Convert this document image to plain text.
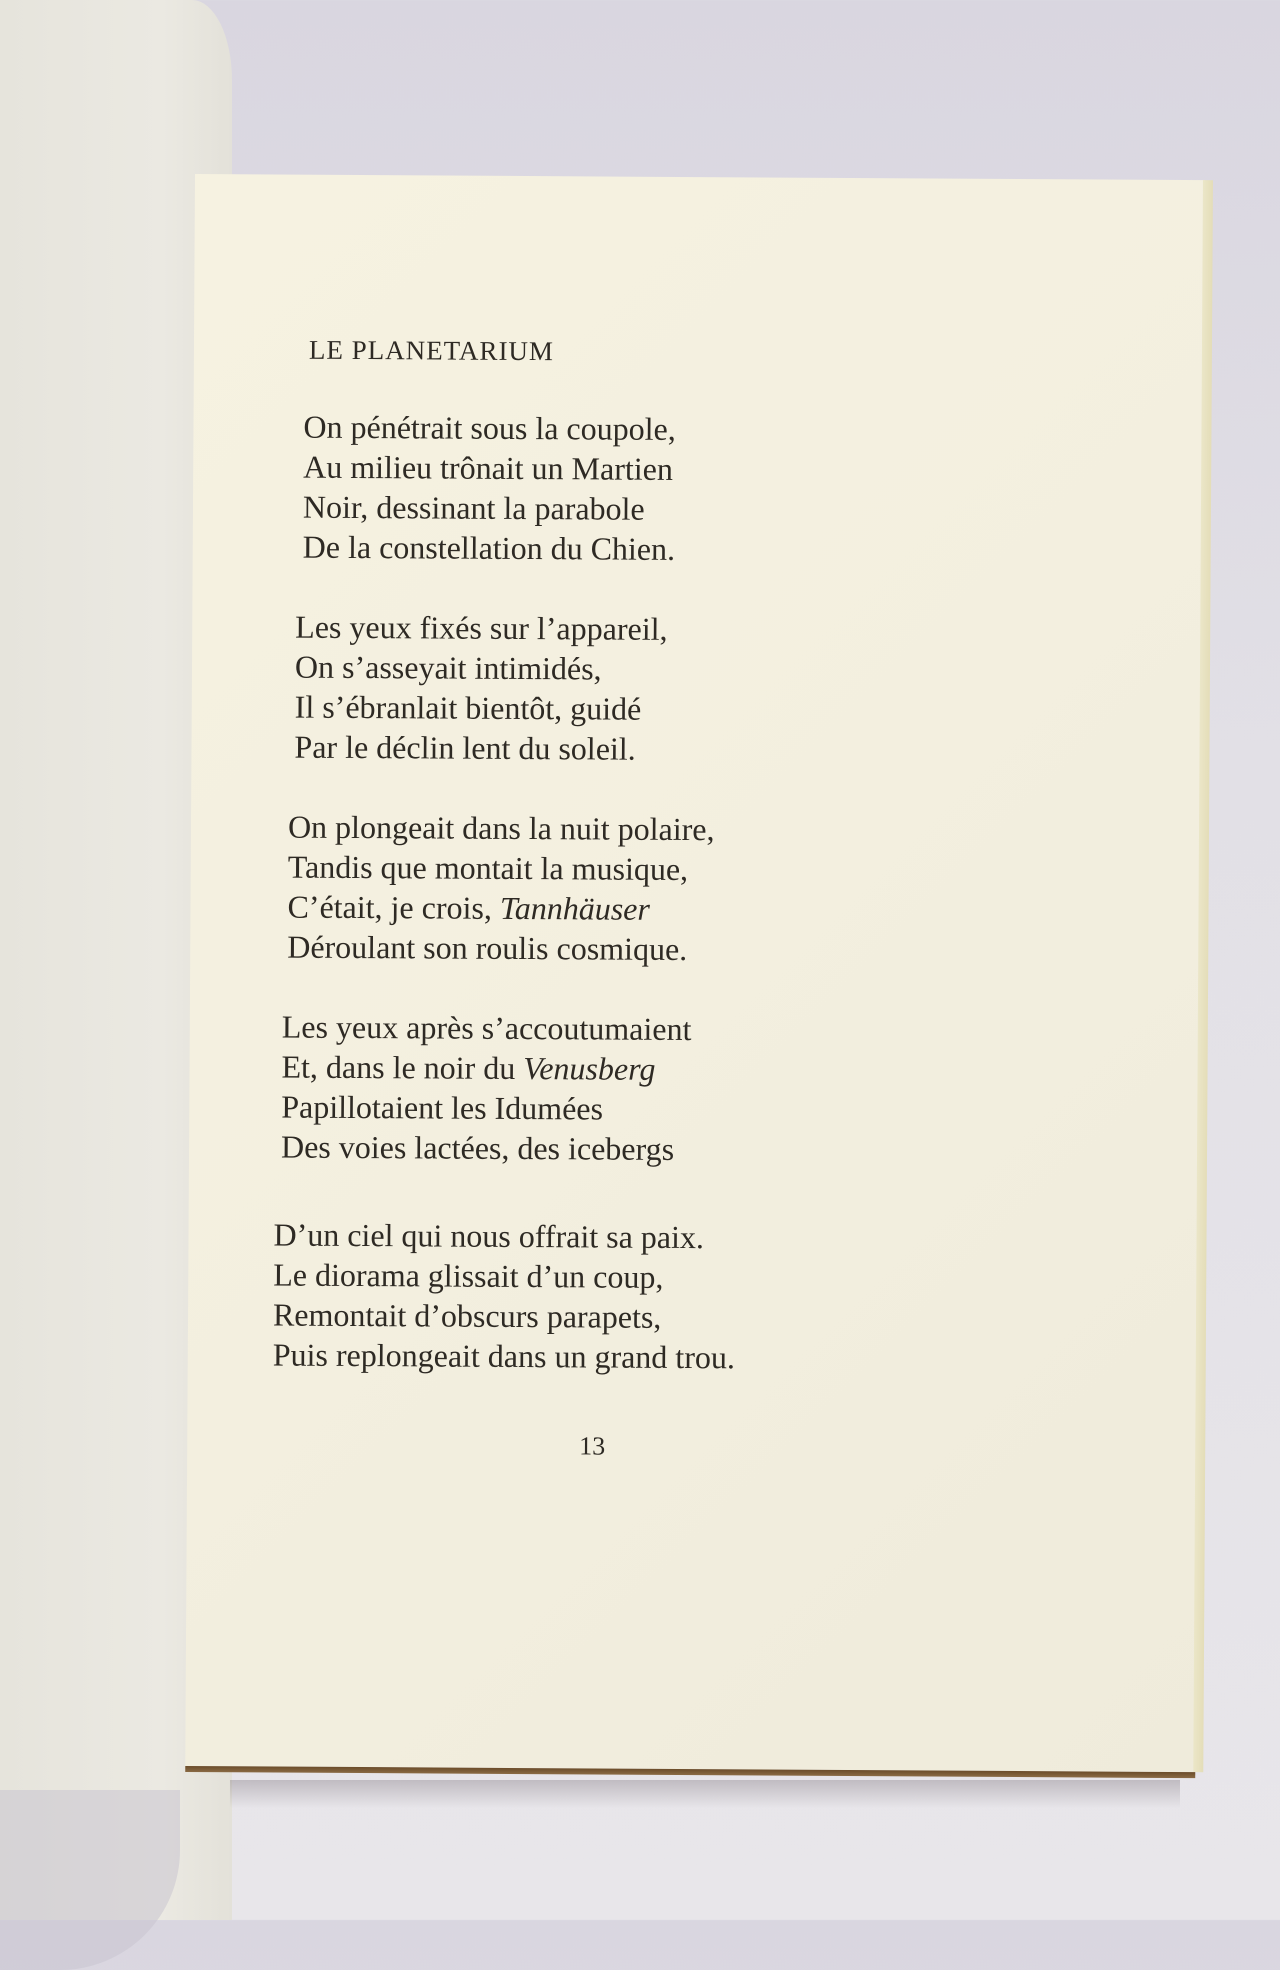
LE PLANETARIUM
On pénétrait sous la coupole,
Au milieu trônait un Martien
Noir, dessinant la parabole
De la constellation du Chien.
Les yeux fixés sur l’appareil,
On s’asseyait intimidés,
Il s’ébranlait bientôt, guidé
Par le déclin lent du soleil.
On plongeait dans la nuit polaire,
Tandis que montait la musique,
C’était, je crois, Tannhäuser
Déroulant son roulis cosmique.
Les yeux après s’accoutumaient
Et, dans le noir du Venusberg
Papillotaient les Idumées
Des voies lactées, des icebergs
D’un ciel qui nous offrait sa paix.
Le diorama glissait d’un coup,
Remontait d’obscurs parapets,
Puis replongeait dans un grand trou.
13
